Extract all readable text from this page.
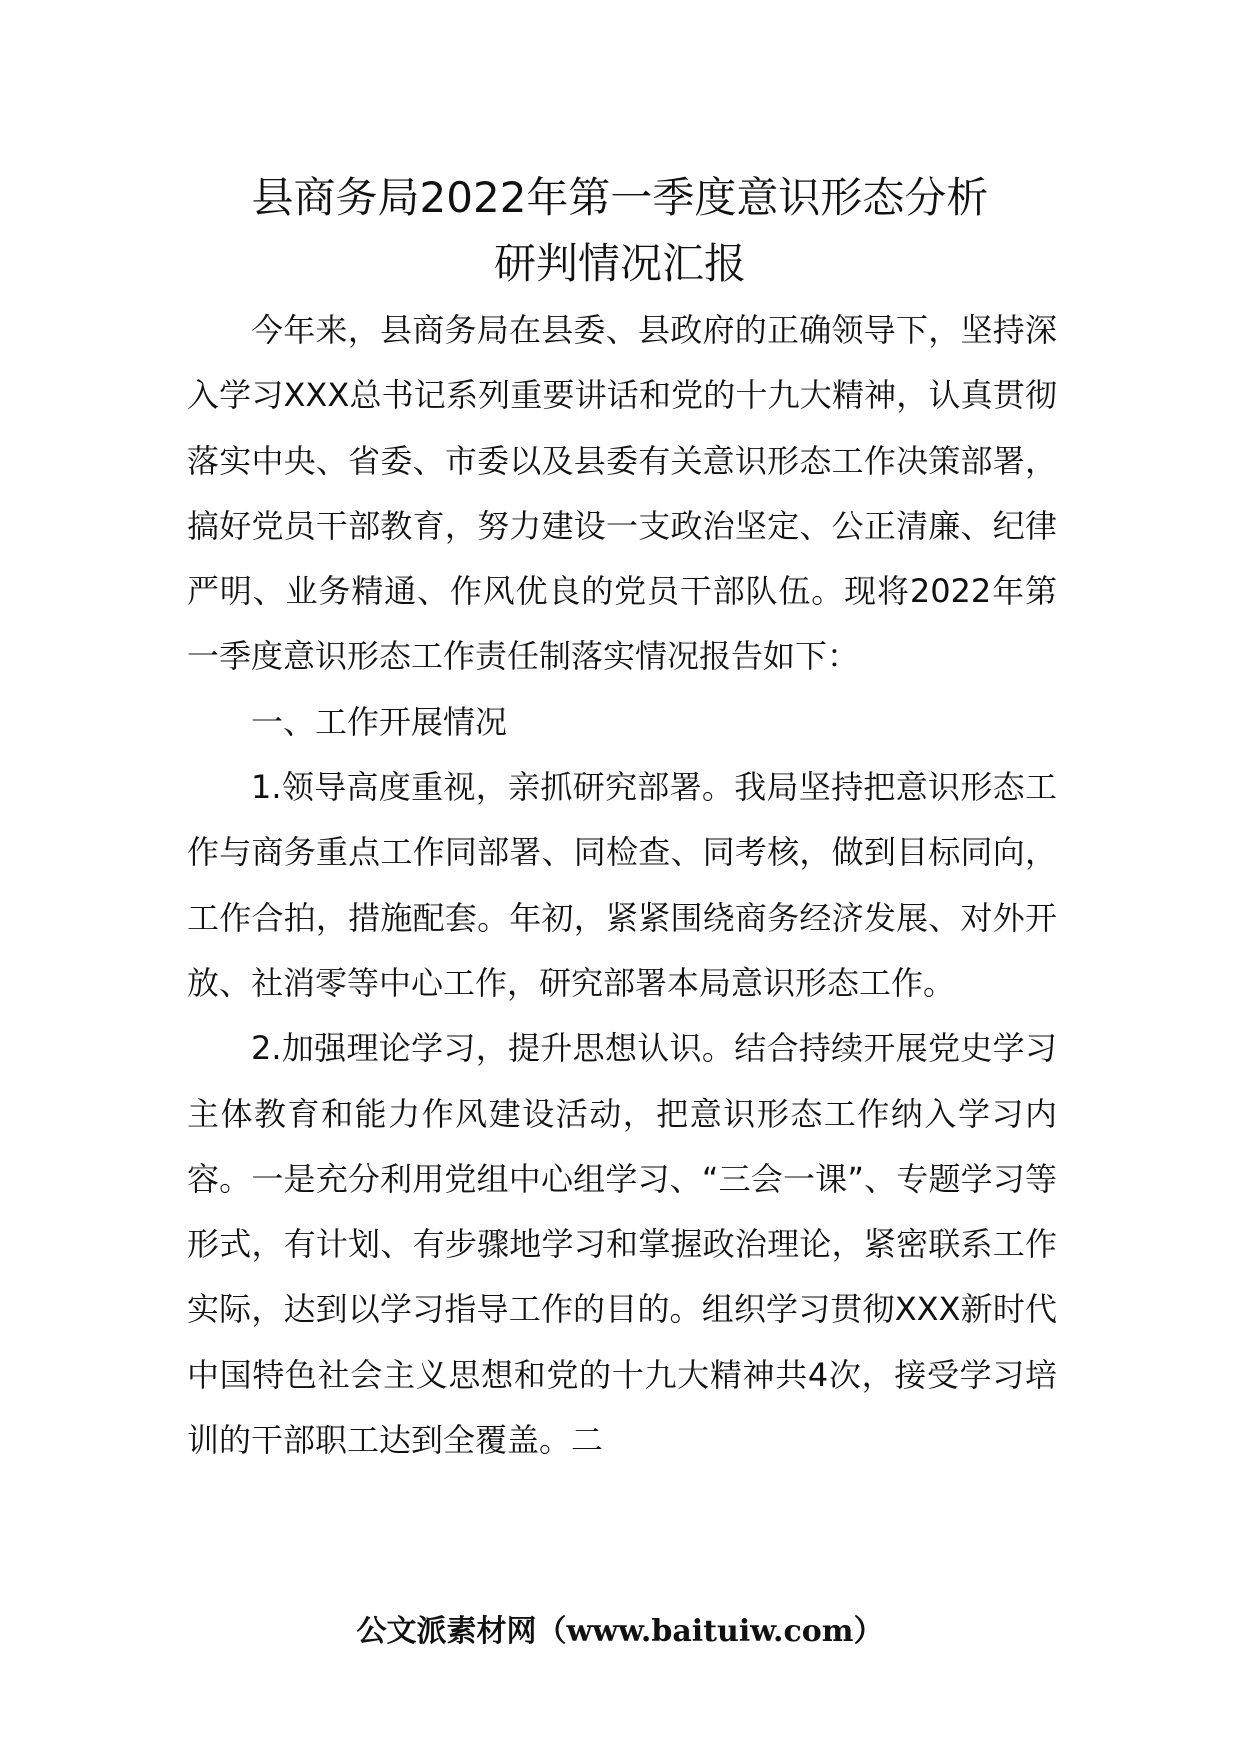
县商务局2022年第一季度意识形态分析
研判情况汇报

今年来，县商务局在县委、县政府的正确领导下，坚持深入学习XXX总书记系列重要讲话和党的十九大精神，认真贯彻落实中央、省委、市委以及县委有关意识形态工作决策部署，搞好党员干部教育，努力建设一支政治坚定、公正清廉、纪律严明、业务精通、作风优良的党员干部队伍。现将2022年第一季度意识形态工作责任制落实情况报告如下：

一、工作开展情况

1.领导高度重视，亲抓研究部署。我局坚持把意识形态工作与商务重点工作同部署、同检查、同考核，做到目标同向，工作合拍，措施配套。年初，紧紧围绕商务经济发展、对外开放、社消零等中心工作，研究部署本局意识形态工作。

2.加强理论学习，提升思想认识。结合持续开展党史学习主体教育和能力作风建设活动，把意识形态工作纳入学习内容。一是充分利用党组中心组学习、“三会一课”、专题学习等形式，有计划、有步骤地学习和掌握政治理论，紧密联系工作实际，达到以学习指导工作的目的。组织学习贯彻XXX新时代中国特色社会主义思想和党的十九大精神共4次，接受学习培训的干部职工达到全覆盖。二

公文派素材网（www.baituiw.com）
